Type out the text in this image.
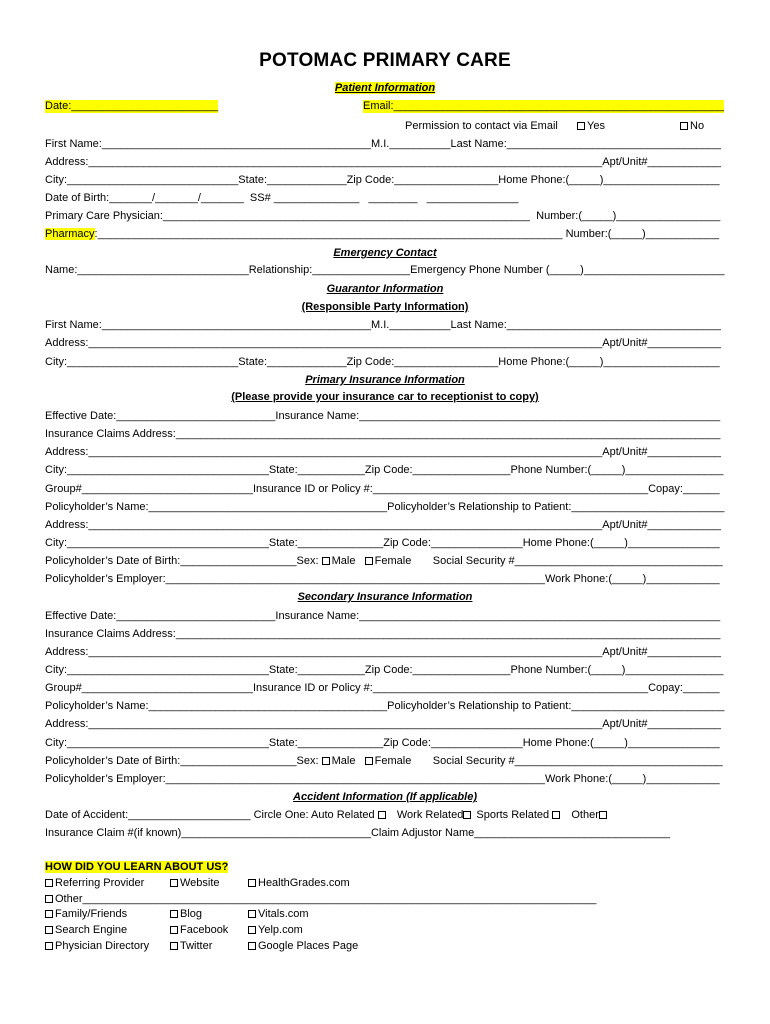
POTOMAC PRIMARY CARE
Patient Information
Date:________________________	Email:______________________________________________________
Permission to contact via Email	Yes	No
First Name:____________________________________________M.I.__________Last Name:___________________________________
Address:____________________________________________________________________________________Apt/Unit#____________
City:____________________________State:_____________Zip Code:_________________Home Phone:(_____)___________________
Date of Birth:_______/_______/_______  SS# ______________   ________   _______________
Primary Care Physician:____________________________________________________________  Number:(_____)_________________
Pharmacy:____________________________________________________________________________ Number:(_____)____________
Emergency Contact
Name:____________________________Relationship:________________Emergency Phone Number (_____)_______________________
Guarantor Information
(Responsible Party Information)
First Name:____________________________________________M.I.__________Last Name:___________________________________
Address:____________________________________________________________________________________Apt/Unit#____________
City:____________________________State:_____________Zip Code:_________________Home Phone:(_____)___________________
Primary Insurance Information
(Please provide your insurance car to receptionist to copy)
Effective Date:__________________________Insurance Name:___________________________________________________________
Insurance Claims Address:_________________________________________________________________________________________
Address:____________________________________________________________________________________Apt/Unit#____________
City:_________________________________State:___________Zip Code:________________Phone Number:(_____)________________
Group#____________________________Insurance ID or Policy #:_____________________________________________Copay:______
Policyholder’s Name:_______________________________________Policyholder’s Relationship to Patient:_________________________
Address:____________________________________________________________________________________Apt/Unit#____________
City:_________________________________State:______________Zip Code:_______________Home Phone:(_____)_______________
Policyholder’s Date of Birth:___________________Sex: Male Female Social Security #__________________________________
Policyholder’s Employer:______________________________________________________________Work Phone:(_____)____________
Secondary Insurance Information
Effective Date:__________________________Insurance Name:___________________________________________________________
Insurance Claims Address:_________________________________________________________________________________________
Address:____________________________________________________________________________________Apt/Unit#____________
City:_________________________________State:___________Zip Code:________________Phone Number:(_____)________________
Group#____________________________Insurance ID or Policy #:_____________________________________________Copay:______
Policyholder’s Name:_______________________________________Policyholder’s Relationship to Patient:_________________________
Address:____________________________________________________________________________________Apt/Unit#____________
City:_________________________________State:______________Zip Code:_______________Home Phone:(_____)_______________
Policyholder’s Date of Birth:___________________Sex: Male Female Social Security #__________________________________
Policyholder’s Employer:______________________________________________________________Work Phone:(_____)____________
Accident Information (If applicable)
Date of Accident:____________________ Circle One: Auto Related Work Related Sports Related Other
Insurance Claim #(if known)_______________________________Claim Adjustor Name________________________________
HOW DID YOU LEARN ABOUT US?
Referring Provider	Website	HealthGrades.com
Other____________________________________________________________________________________
Family/Friends	Blog	Vitals.com
Search Engine	Facebook	Yelp.com
Physician Directory	Twitter	Google Places Page
